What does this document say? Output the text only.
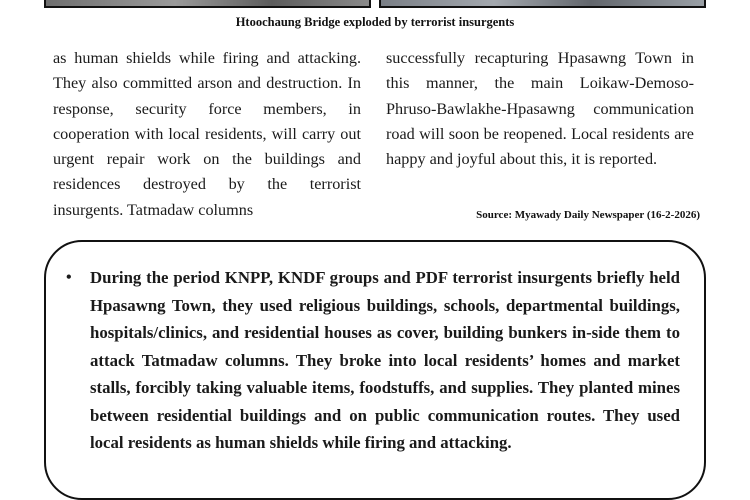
Htoochaung Bridge exploded by terrorist insurgents

as human shields while firing and attacking. They also committed arson and destruction. In response, security force members, in cooperation with local residents, will carry out urgent repair work on the buildings and residences destroyed by the terrorist insurgents. Tatmadaw columns

successfully recapturing Hpasawng Town in this manner, the main Loikaw-Demoso-Phruso-Bawlakhe-Hpasawng communication road will soon be reopened. Local residents are happy and joyful about this, it is reported.

Source: Myawady Daily Newspaper (16-2-2026)
• During the period KNPP, KNDF groups and PDF terrorist insurgents briefly held Hpasawng Town, they used religious buildings, schools, departmental buildings, hospitals/clinics, and residential houses as cover, building bunkers in-side them to attack Tatmadaw columns. They broke into local residents’ homes and market stalls, forcibly taking valuable items, foodstuffs, and supplies. They planted mines between residential buildings and on public communication routes. They used local residents as human shields while firing and attacking.
